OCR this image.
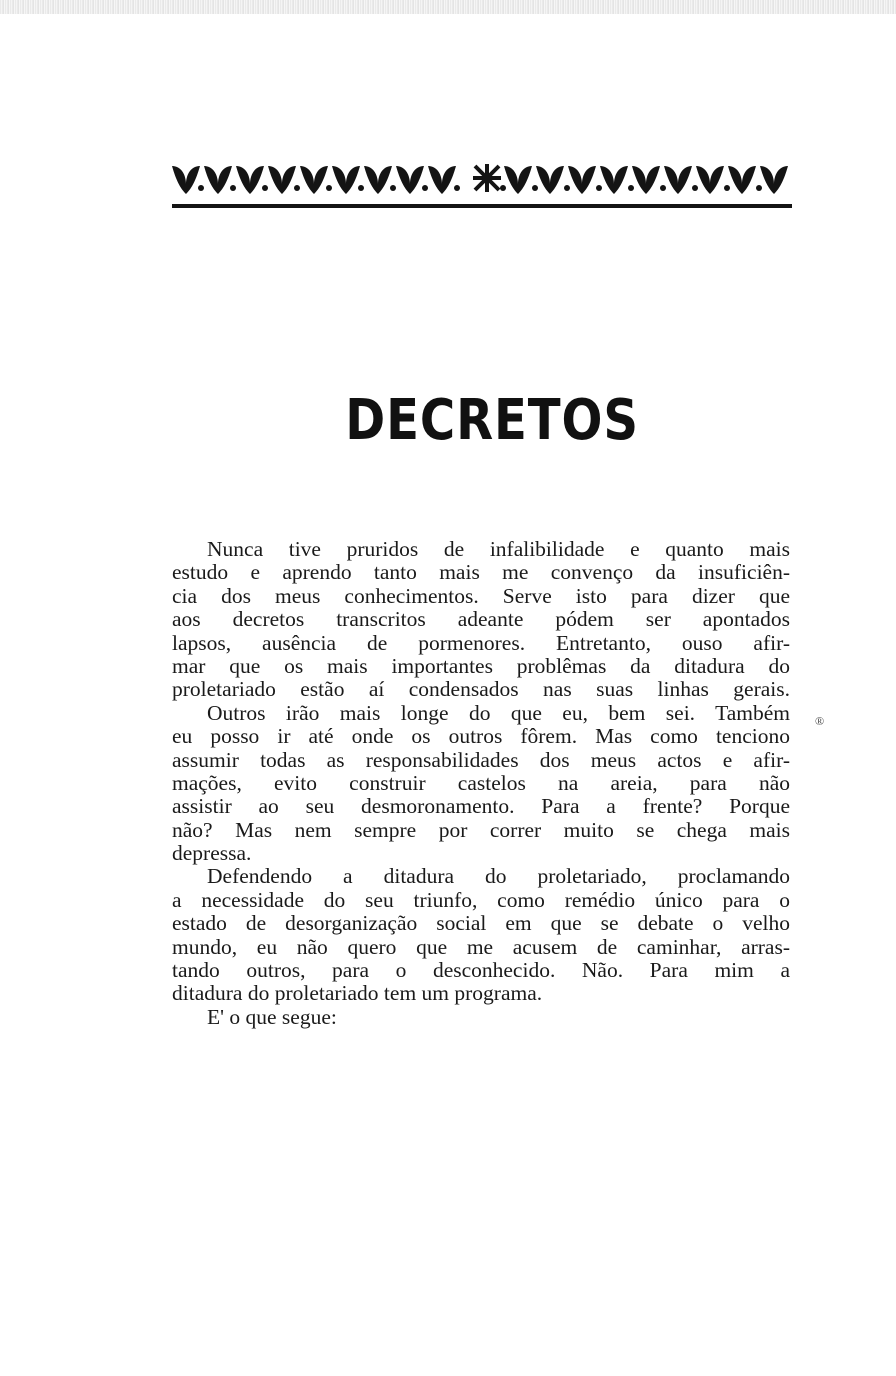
DECRETOS
Nunca tive pruridos de infalibilidade e quanto mais
estudo e aprendo tanto mais me convenço da insuficiên-
cia dos meus conhecimentos. Serve isto para dizer que
aos decretos transcritos adeante pódem ser apontados
lapsos, ausência de pormenores. Entretanto, ouso afir-
mar que os mais importantes problêmas da ditadura do
proletariado estão aí condensados nas suas linhas gerais.
Outros irão mais longe do que eu, bem sei. Também
eu posso ir até onde os outros fôrem. Mas como tenciono
assumir todas as responsabilidades dos meus actos e afir-
mações, evito construir castelos na areia, para não
assistir ao seu desmoronamento. Para a frente? Porque
não? Mas nem sempre por correr muito se chega mais
depressa.
Defendendo a ditadura do proletariado, proclamando
a necessidade do seu triunfo, como remédio único para o
estado de desorganização social em que se debate o velho
mundo, eu não quero que me acusem de caminhar, arras-
tando outros, para o desconhecido. Não. Para mim a
ditadura do proletariado tem um programa.
E' o que segue:
®
